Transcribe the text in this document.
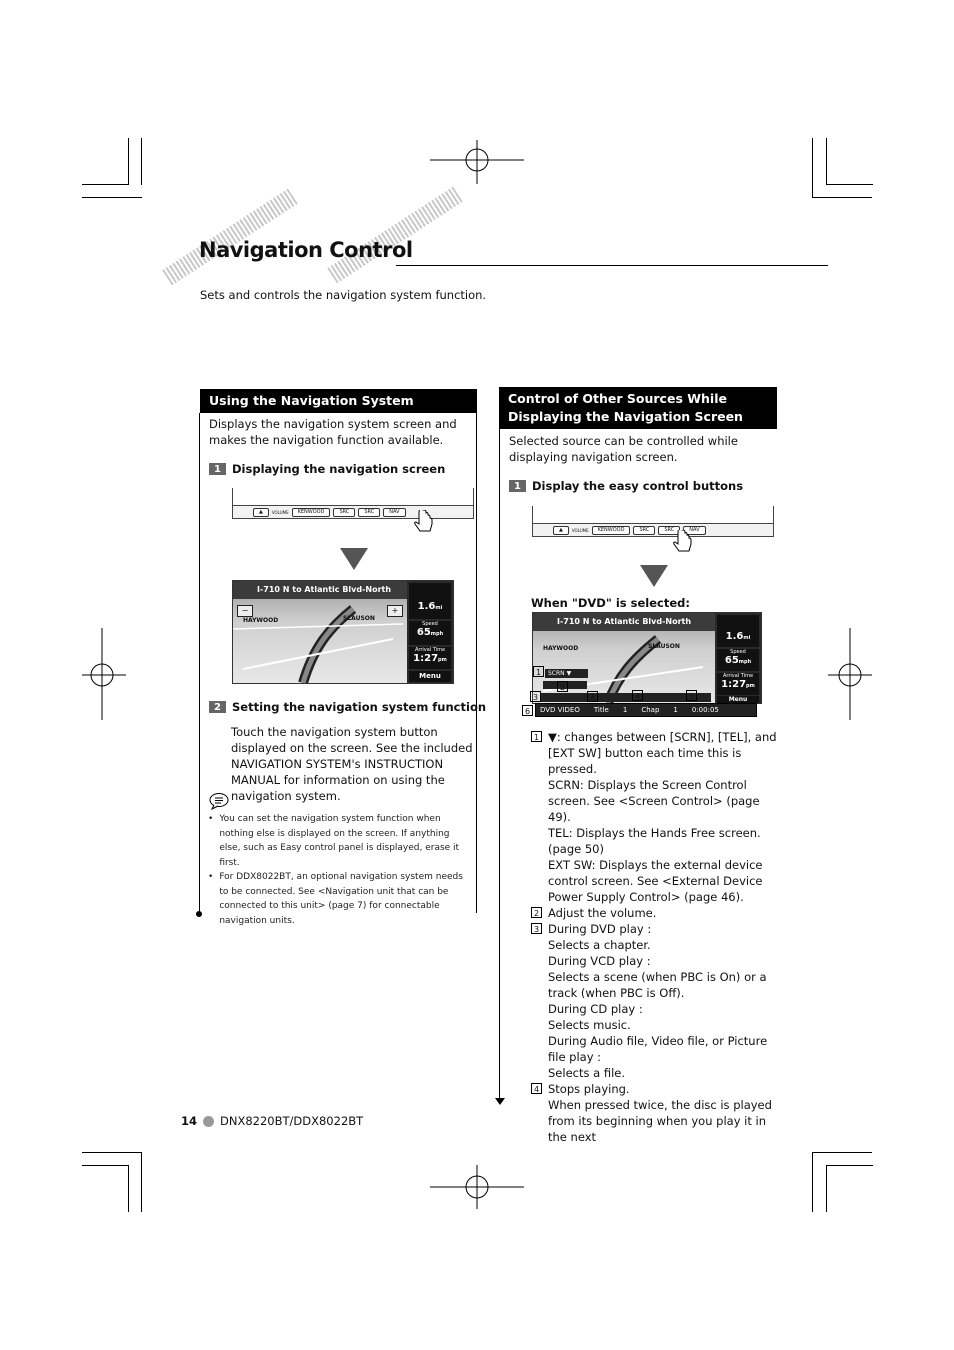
Navigation Control
Sets and controls the navigation system function.
Using the Navigation System
Displays the navigation system screen and makes the navigation function available.
1 Displaying the navigation screen
▲	VOLUME	KENWOOD	SRC	SRC	NAV
I-710 N to Atlantic Blvd-North
HAYWOOD	SLAUSON
−	+	1.6mi
Speed
65mph
Arrival Time
1:27pm
Menu
2 Setting the navigation system function
Touch the navigation system button displayed on the screen. See the included NAVIGATION SYSTEM's INSTRUCTION MANUAL for information on using the navigation system.
• You can set the navigation system function when nothing else is displayed on the screen. If anything else, such as Easy control panel is displayed, erase it first.
• For DDX8022BT, an optional navigation system needs to be connected. See <Navigation unit that can be connected to this unit> (page 7) for connectable navigation units.
Control of Other Sources While Displaying the Navigation Screen
Selected source can be controlled while displaying navigation screen.
1 Display the easy control buttons
▲	VOLUME	KENWOOD	SRC	SRC	NAV
When "DVD" is selected:
I-710 N to Atlantic Blvd-North
HAYWOOD	SLAUSON
SCRN ▼
1.6mi
Speed
65mph
Arrival Time
1:27pm
Menu
DVD VIDEO Title 1 Chap 1 0:00:05
1
2
3	3	4	5
6
1 ▼: changes between [SCRN], [TEL], and [EXT SW] button each time this is pressed.
SCRN: Displays the Screen Control screen. See <Screen Control> (page 49).
TEL: Displays the Hands Free screen. (page 50)
EXT SW: Displays the external device control screen. See <External Device Power Supply Control> (page 46).
2 Adjust the volume.
3 During DVD play :
Selects a chapter.
During VCD play :
Selects a scene (when PBC is On) or a track (when PBC is Off).
During CD play :
Selects music.
During Audio file, Video file, or Picture file play :
Selects a file.
4 Stops playing.
When pressed twice, the disc is played from its beginning when you play it in the next
14 DNX8220BT/DDX8022BT
